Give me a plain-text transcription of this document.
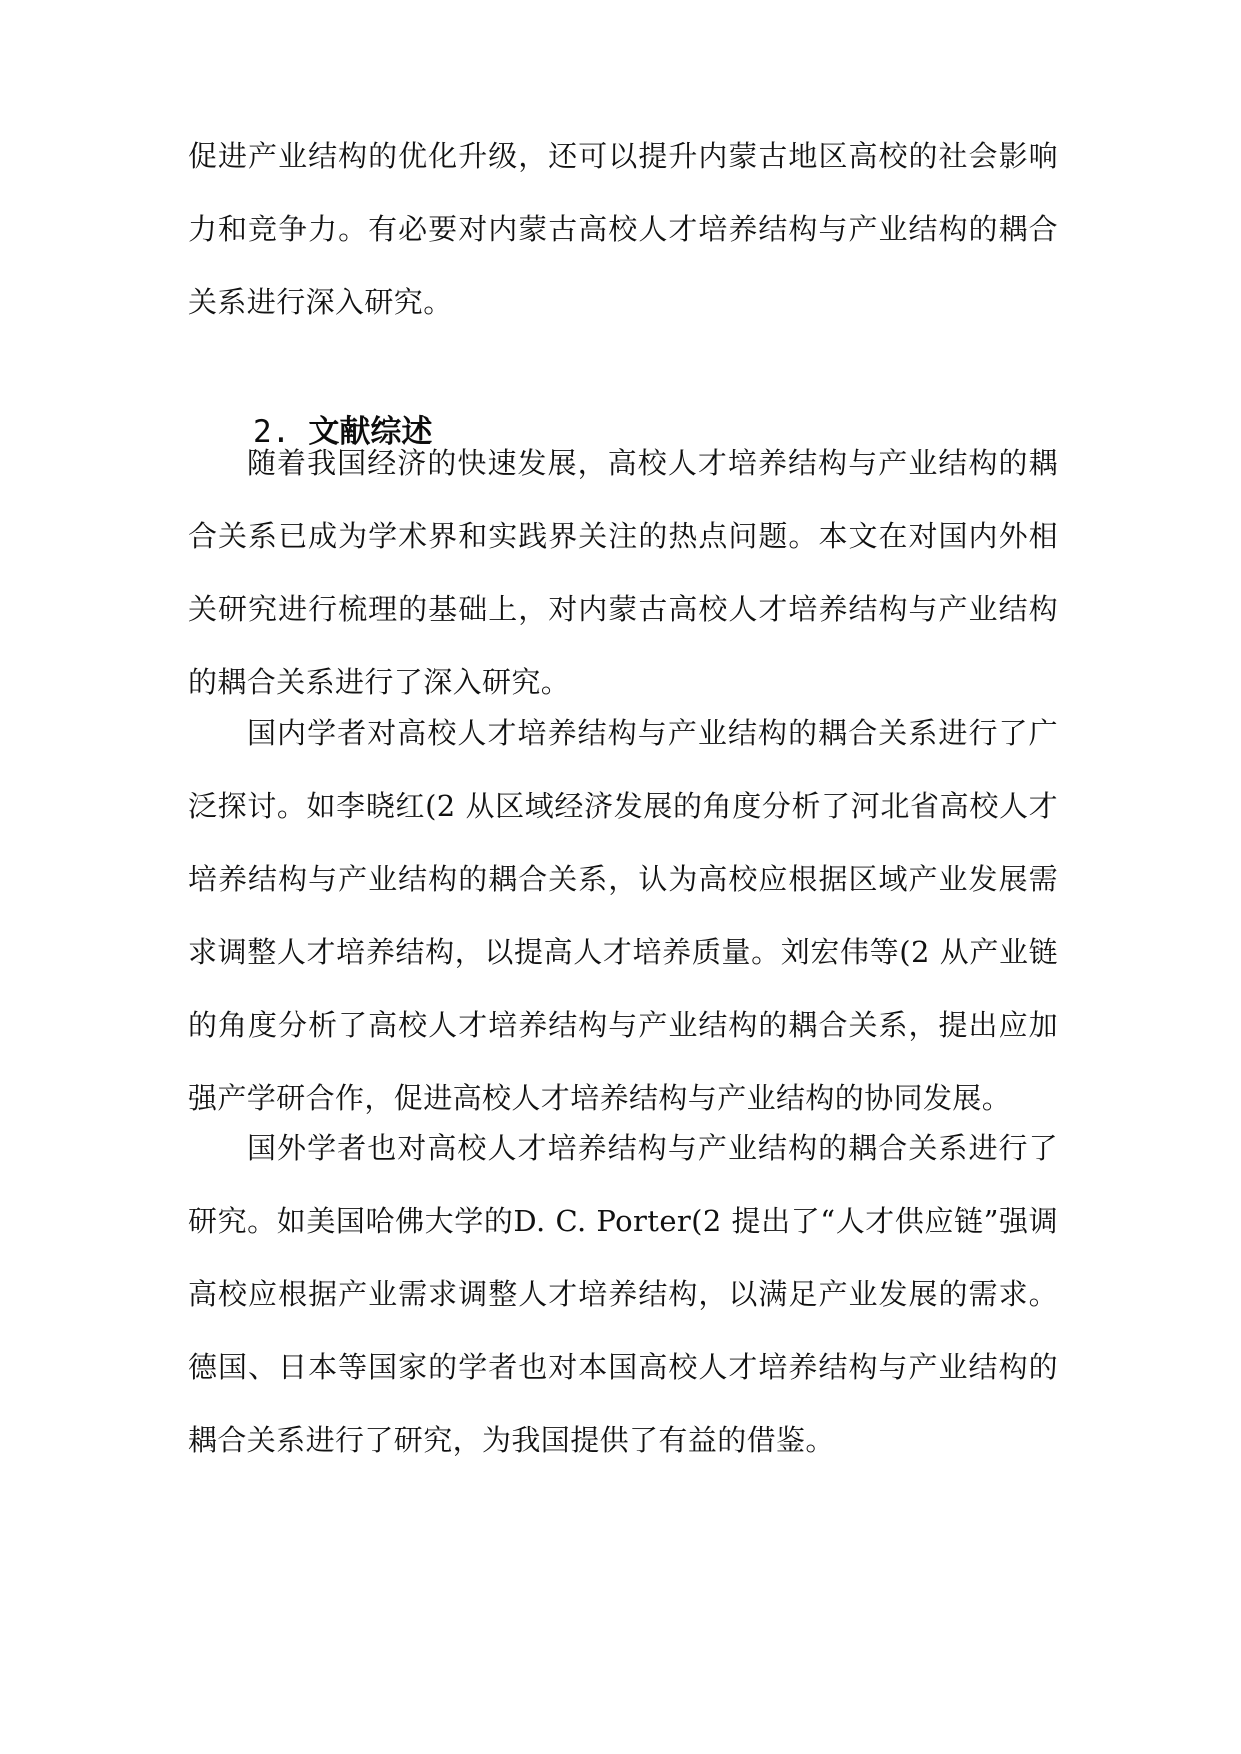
促进产业结构的优化升级，还可以提升内蒙古地区高校的社会影响力和竞争力。有必要对内蒙古高校人才培养结构与产业结构的耦合关系进行深入研究。

2. 文献综述

随着我国经济的快速发展，高校人才培养结构与产业结构的耦合关系已成为学术界和实践界关注的热点问题。本文在对国内外相关研究进行梳理的基础上，对内蒙古高校人才培养结构与产业结构的耦合关系进行了深入研究。

国内学者对高校人才培养结构与产业结构的耦合关系进行了广泛探讨。如李晓红(2 从区域经济发展的角度分析了河北省高校人才培养结构与产业结构的耦合关系，认为高校应根据区域产业发展需求调整人才培养结构，以提高人才培养质量。刘宏伟等(2 从产业链的角度分析了高校人才培养结构与产业结构的耦合关系，提出应加强产学研合作，促进高校人才培养结构与产业结构的协同发展。

国外学者也对高校人才培养结构与产业结构的耦合关系进行了研究。如美国哈佛大学的D. C. Porter(2 提出了“人才供应链”强调高校应根据产业需求调整人才培养结构，以满足产业发展的需求。德国、日本等国家的学者也对本国高校人才培养结构与产业结构的耦合关系进行了研究，为我国提供了有益的借鉴。
